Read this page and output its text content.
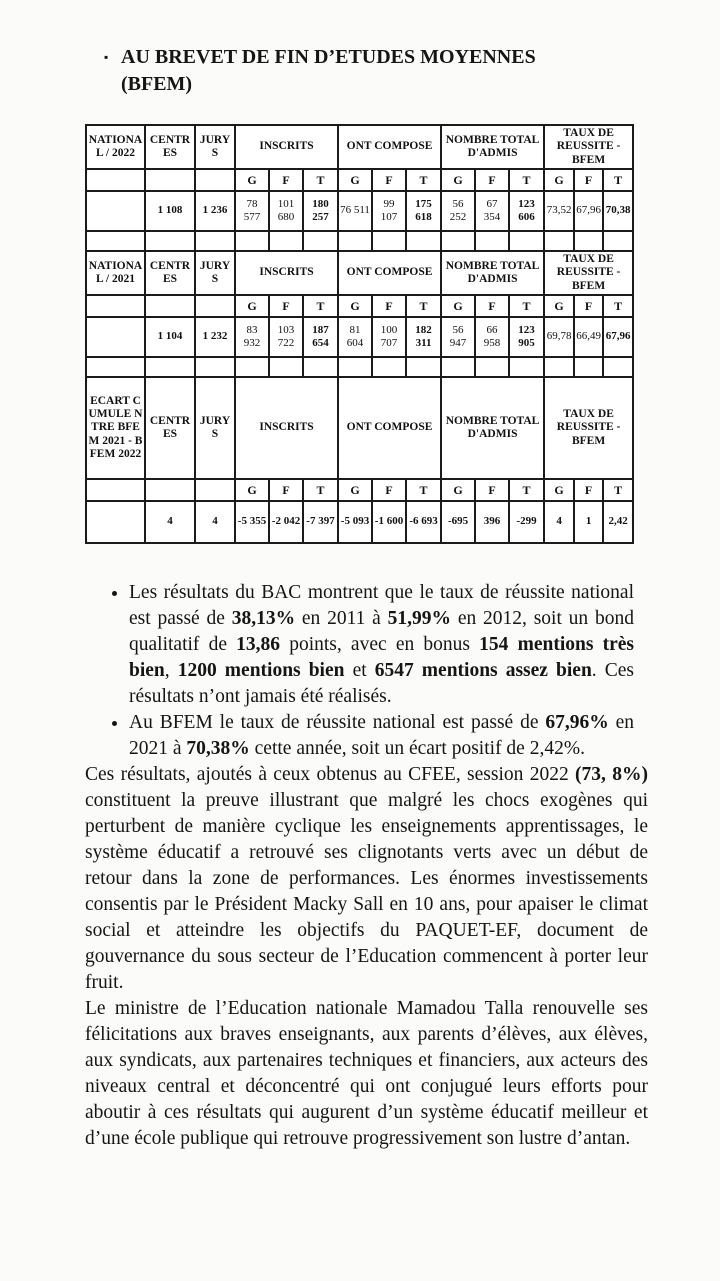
▪ AU BREVET DE FIN D’ETUDES MOYENNES
(BFEM)
NATIONAL / 2022	CENTRES	JURYS	INSCRITS			ONT COMPOSE			NOMBRE TOTAL D'ADMIS			TAUX DE REUSSITE - BFEM		
			G	F	T	G	F	T	G	F	T	G	F	T
	1 108	1 236	78 577	101 680	180 257	76 511	99 107	175 618	56 252	67 354	123 606	73,52	67,96	70,38

NATIONAL / 2021	CENTRES	JURYS	INSCRITS			ONT COMPOSE			NOMBRE TOTAL D'ADMIS			TAUX DE REUSSITE - BFEM		
			G	F	T	G	F	T	G	F	T	G	F	T
	1 104	1 232	83 932	103 722	187 654	81 604	100 707	182 311	56 947	66 958	123 905	69,78	66,49	67,96

ECART CUMULE NTRE BFEM 2021 - BFEM 2022	CENTRES	JURYS	INSCRITS			ONT COMPOSE			NOMBRE TOTAL D'ADMIS			TAUX DE REUSSITE - BFEM		
			G	F	T	G	F	T	G	F	T	G	F	T
	4	4	-5 355	-2 042	-7 397	-5 093	-1 600	-6 693	-695	396	-299	4	1	2,42
• Les résultats du BAC montrent que le taux de réussite national est passé de 38,13% en 2011 à 51,99% en 2012, soit un bond qualitatif de 13,86 points, avec en bonus 154 mentions très bien, 1200 mentions bien et 6547 mentions assez bien. Ces résultats n’ont jamais été réalisés.
• Au BFEM le taux de réussite national est passé de 67,96% en 2021 à 70,38% cette année, soit un écart positif de 2,42%.

Ces résultats, ajoutés à ceux obtenus au CFEE, session 2022 (73, 8%) constituent la preuve illustrant que malgré les chocs exogènes qui perturbent de manière cyclique les enseignements apprentissages, le système éducatif a retrouvé ses clignotants verts avec un début de retour dans la zone de performances. Les énormes investissements consentis par le Président Macky Sall en 10 ans, pour apaiser le climat social et atteindre les objectifs du PAQUET-EF, document de gouvernance du sous secteur de l’Education commencent à porter leur fruit.

Le ministre de l’Education nationale Mamadou Talla renouvelle ses félicitations aux braves enseignants, aux parents d’élèves, aux élèves, aux syndicats, aux partenaires techniques et financiers, aux acteurs des niveaux central et déconcentré qui ont conjugué leurs efforts pour aboutir à ces résultats qui augurent d’un système éducatif meilleur et d’une école publique qui retrouve progressivement son lustre d’antan.
